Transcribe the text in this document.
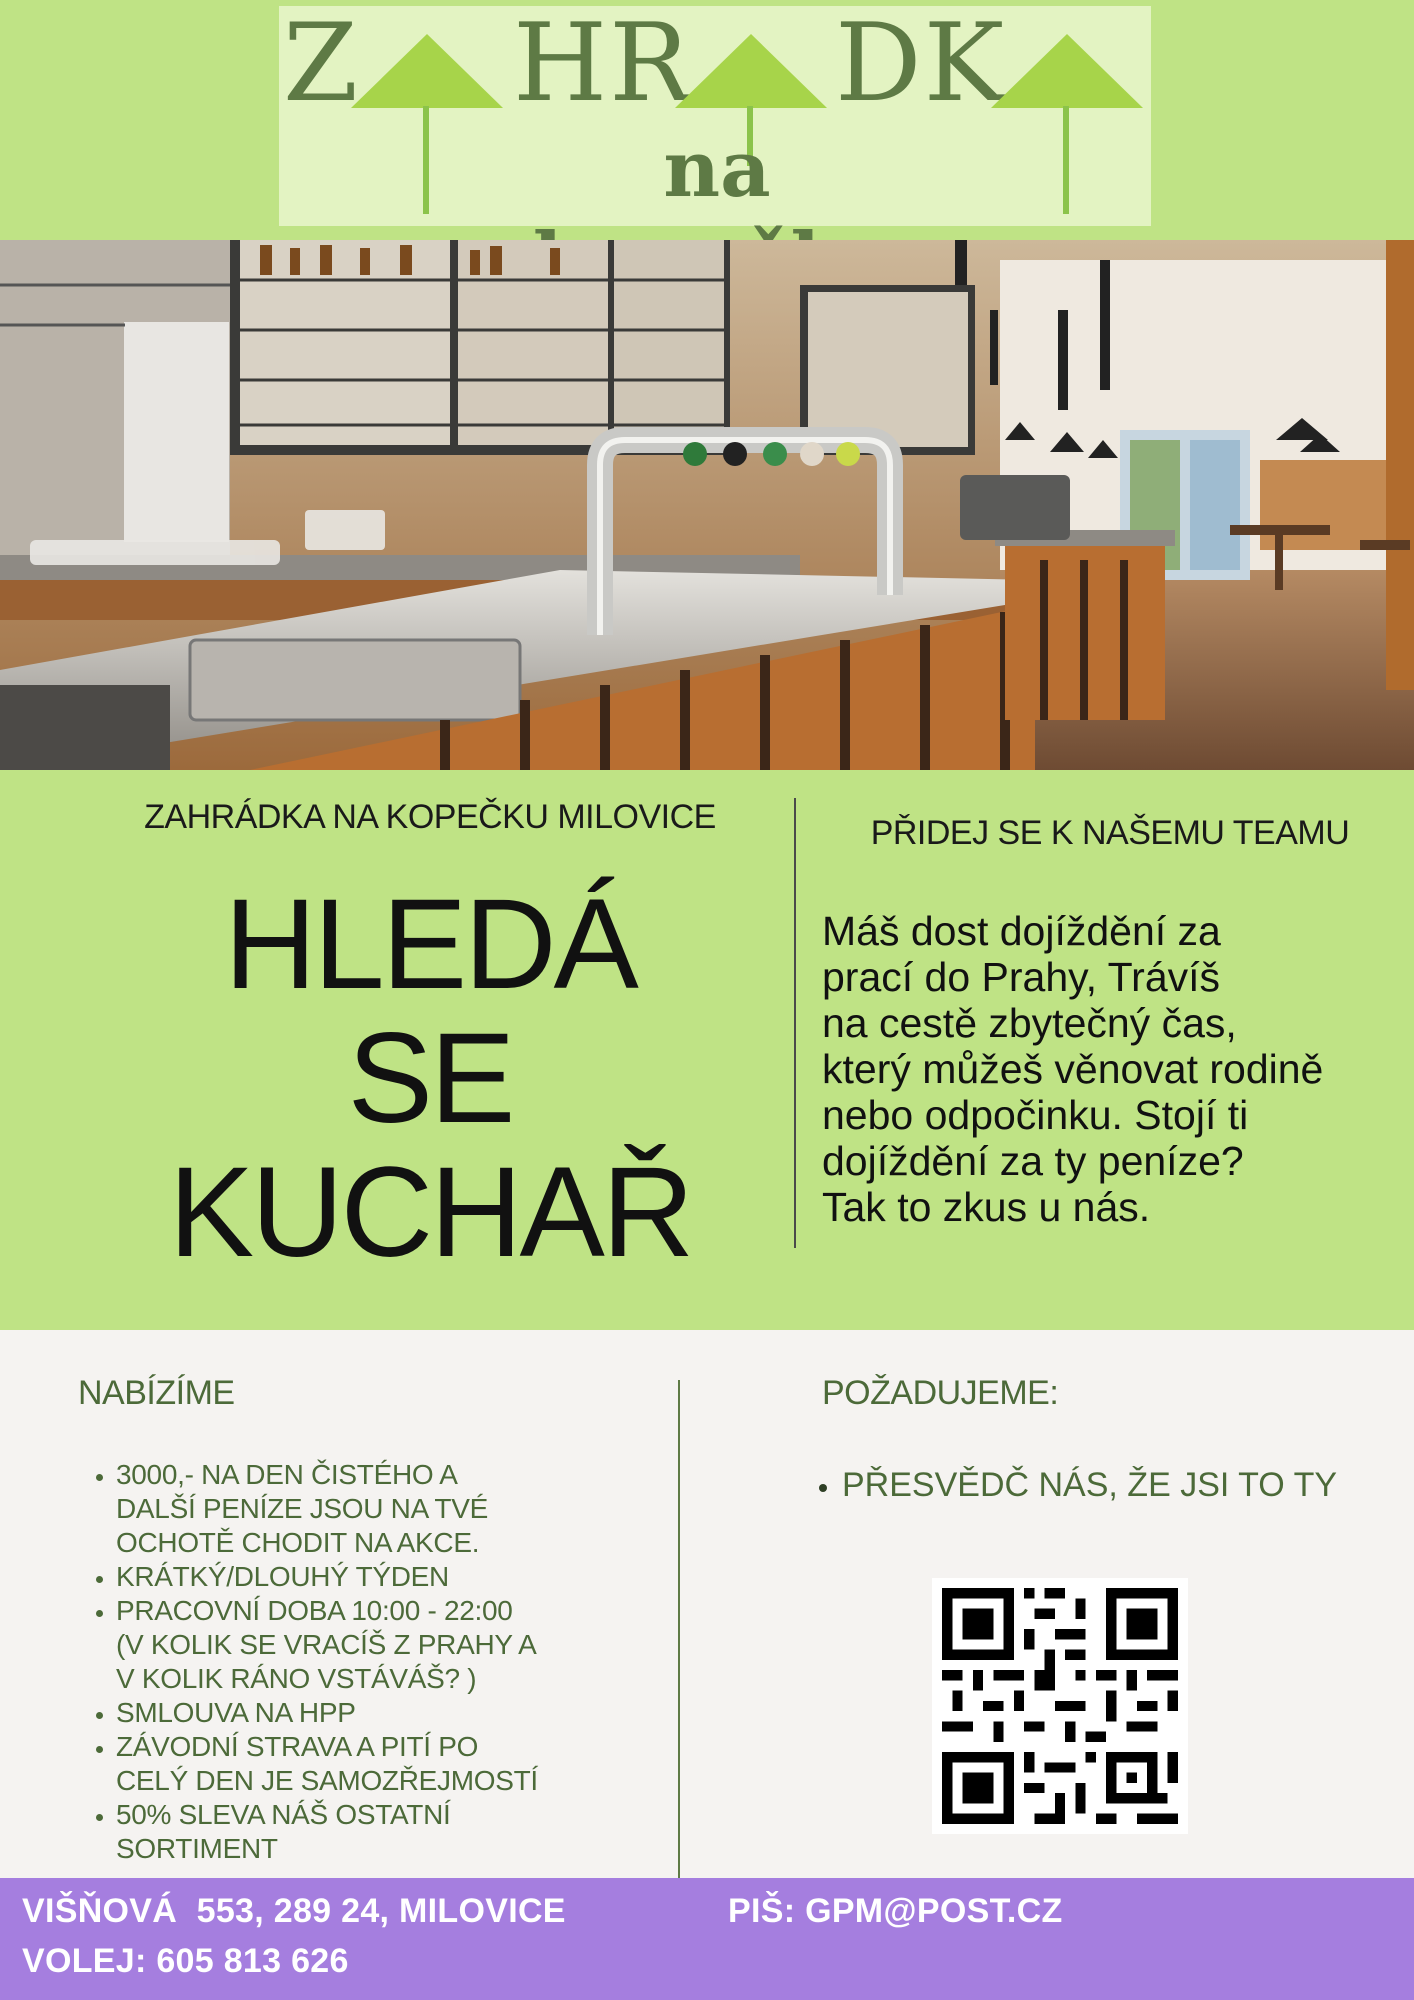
Z HR DK
na
ZAHRÁDKA NA KOPEČKU MILOVICE
HLEDÁ
SE
KUCHAŘ
PŘIDEJ SE K NAŠEMU TEAMU
Máš dost dojíždění za
prací do Prahy, Trávíš
na cestě zbytečný čas,
který můžeš věnovat rodině
nebo odpočinku. Stojí ti
dojíždění za ty peníze?
Tak to zkus u nás.
NABÍZÍME
• 3000,- NA DEN ČISTÉHO A
DALŠÍ PENÍZE JSOU NA TVÉ
OCHOTĚ CHODIT NA AKCE.
• KRÁTKÝ/DLOUHÝ TÝDEN
• PRACOVNÍ DOBA 10:00 - 22:00
(V KOLIK SE VRACÍŠ Z PRAHY A
V KOLIK RÁNO VSTÁVÁŠ? )
• SMLOUVA NA HPP
• ZÁVODNÍ STRAVA A PITÍ PO
CELÝ DEN JE SAMOZŘEJMOSTÍ
• 50% SLEVA NÁŠ OSTATNÍ
SORTIMENT
POŽADUJEME:
• PŘESVĚDČ NÁS, ŽE JSI TO TY
VIŠŇOVÁ  553, 289 24, MILOVICE	PIŠ: GPM@POST.CZ
VOLEJ: 605 813 626
